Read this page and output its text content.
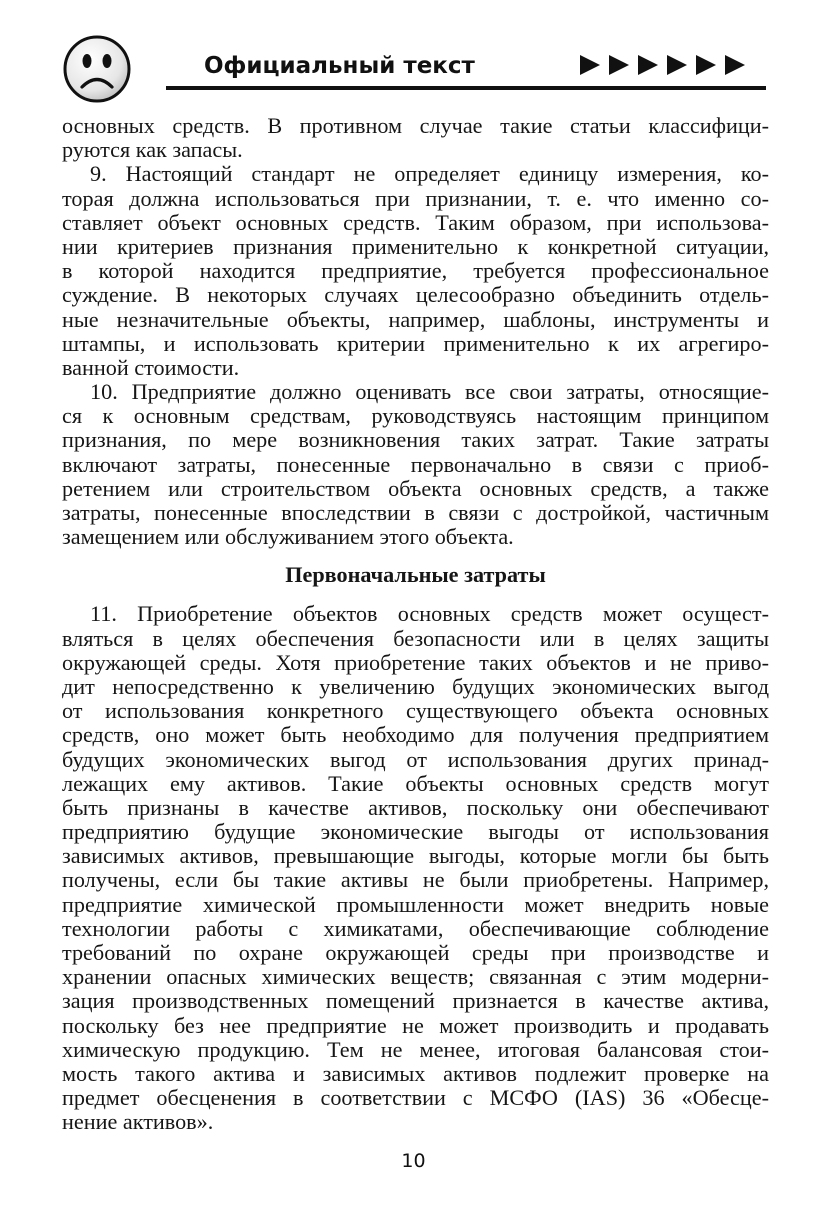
Официальный текст
основных средств. В противном случае такие статьи классифици-
руются как запасы.
9. Настоящий стандарт не определяет единицу измерения, ко-
торая должна использоваться при признании, т. е. что именно со-
ставляет объект основных средств. Таким образом, при использова-
нии критериев признания применительно к конкретной ситуации,
в которой находится предприятие, требуется профессиональное
суждение. В некоторых случаях целесообразно объединить отдель-
ные незначительные объекты, например, шаблоны, инструменты и
штампы, и использовать критерии применительно к их агрегиро-
ванной стоимости.
10. Предприятие должно оценивать все свои затраты, относящие-
ся к основным средствам, руководствуясь настоящим принципом
признания, по мере возникновения таких затрат. Такие затраты
включают затраты, понесенные первоначально в связи с приоб-
ретением или строительством объекта основных средств, а также
затраты, понесенные впоследствии в связи с достройкой, частичным
замещением или обслуживанием этого объекта.
Первоначальные затраты
11. Приобретение объектов основных средств может осущест-
вляться в целях обеспечения безопасности или в целях защиты
окружающей среды. Хотя приобретение таких объектов и не приво-
дит непосредственно к увеличению будущих экономических выгод
от использования конкретного существующего объекта основных
средств, оно может быть необходимо для получения предприятием
будущих экономических выгод от использования других принад-
лежащих ему активов. Такие объекты основных средств могут
быть признаны в качестве активов, поскольку они обеспечивают
предприятию будущие экономические выгоды от использования
зависимых активов, превышающие выгоды, которые могли бы быть
получены, если бы такие активы не были приобретены. Например,
предприятие химической промышленности может внедрить новые
технологии работы с химикатами, обеспечивающие соблюдение
требований по охране окружающей среды при производстве и
хранении опасных химических веществ; связанная с этим модерни-
зация производственных помещений признается в качестве актива,
поскольку без нее предприятие не может производить и продавать
химическую продукцию. Тем не менее, итоговая балансовая стои-
мость такого актива и зависимых активов подлежит проверке на
предмет обесценения в соответствии с МСФО (IAS) 36 «Обесце-
нение активов».
10
